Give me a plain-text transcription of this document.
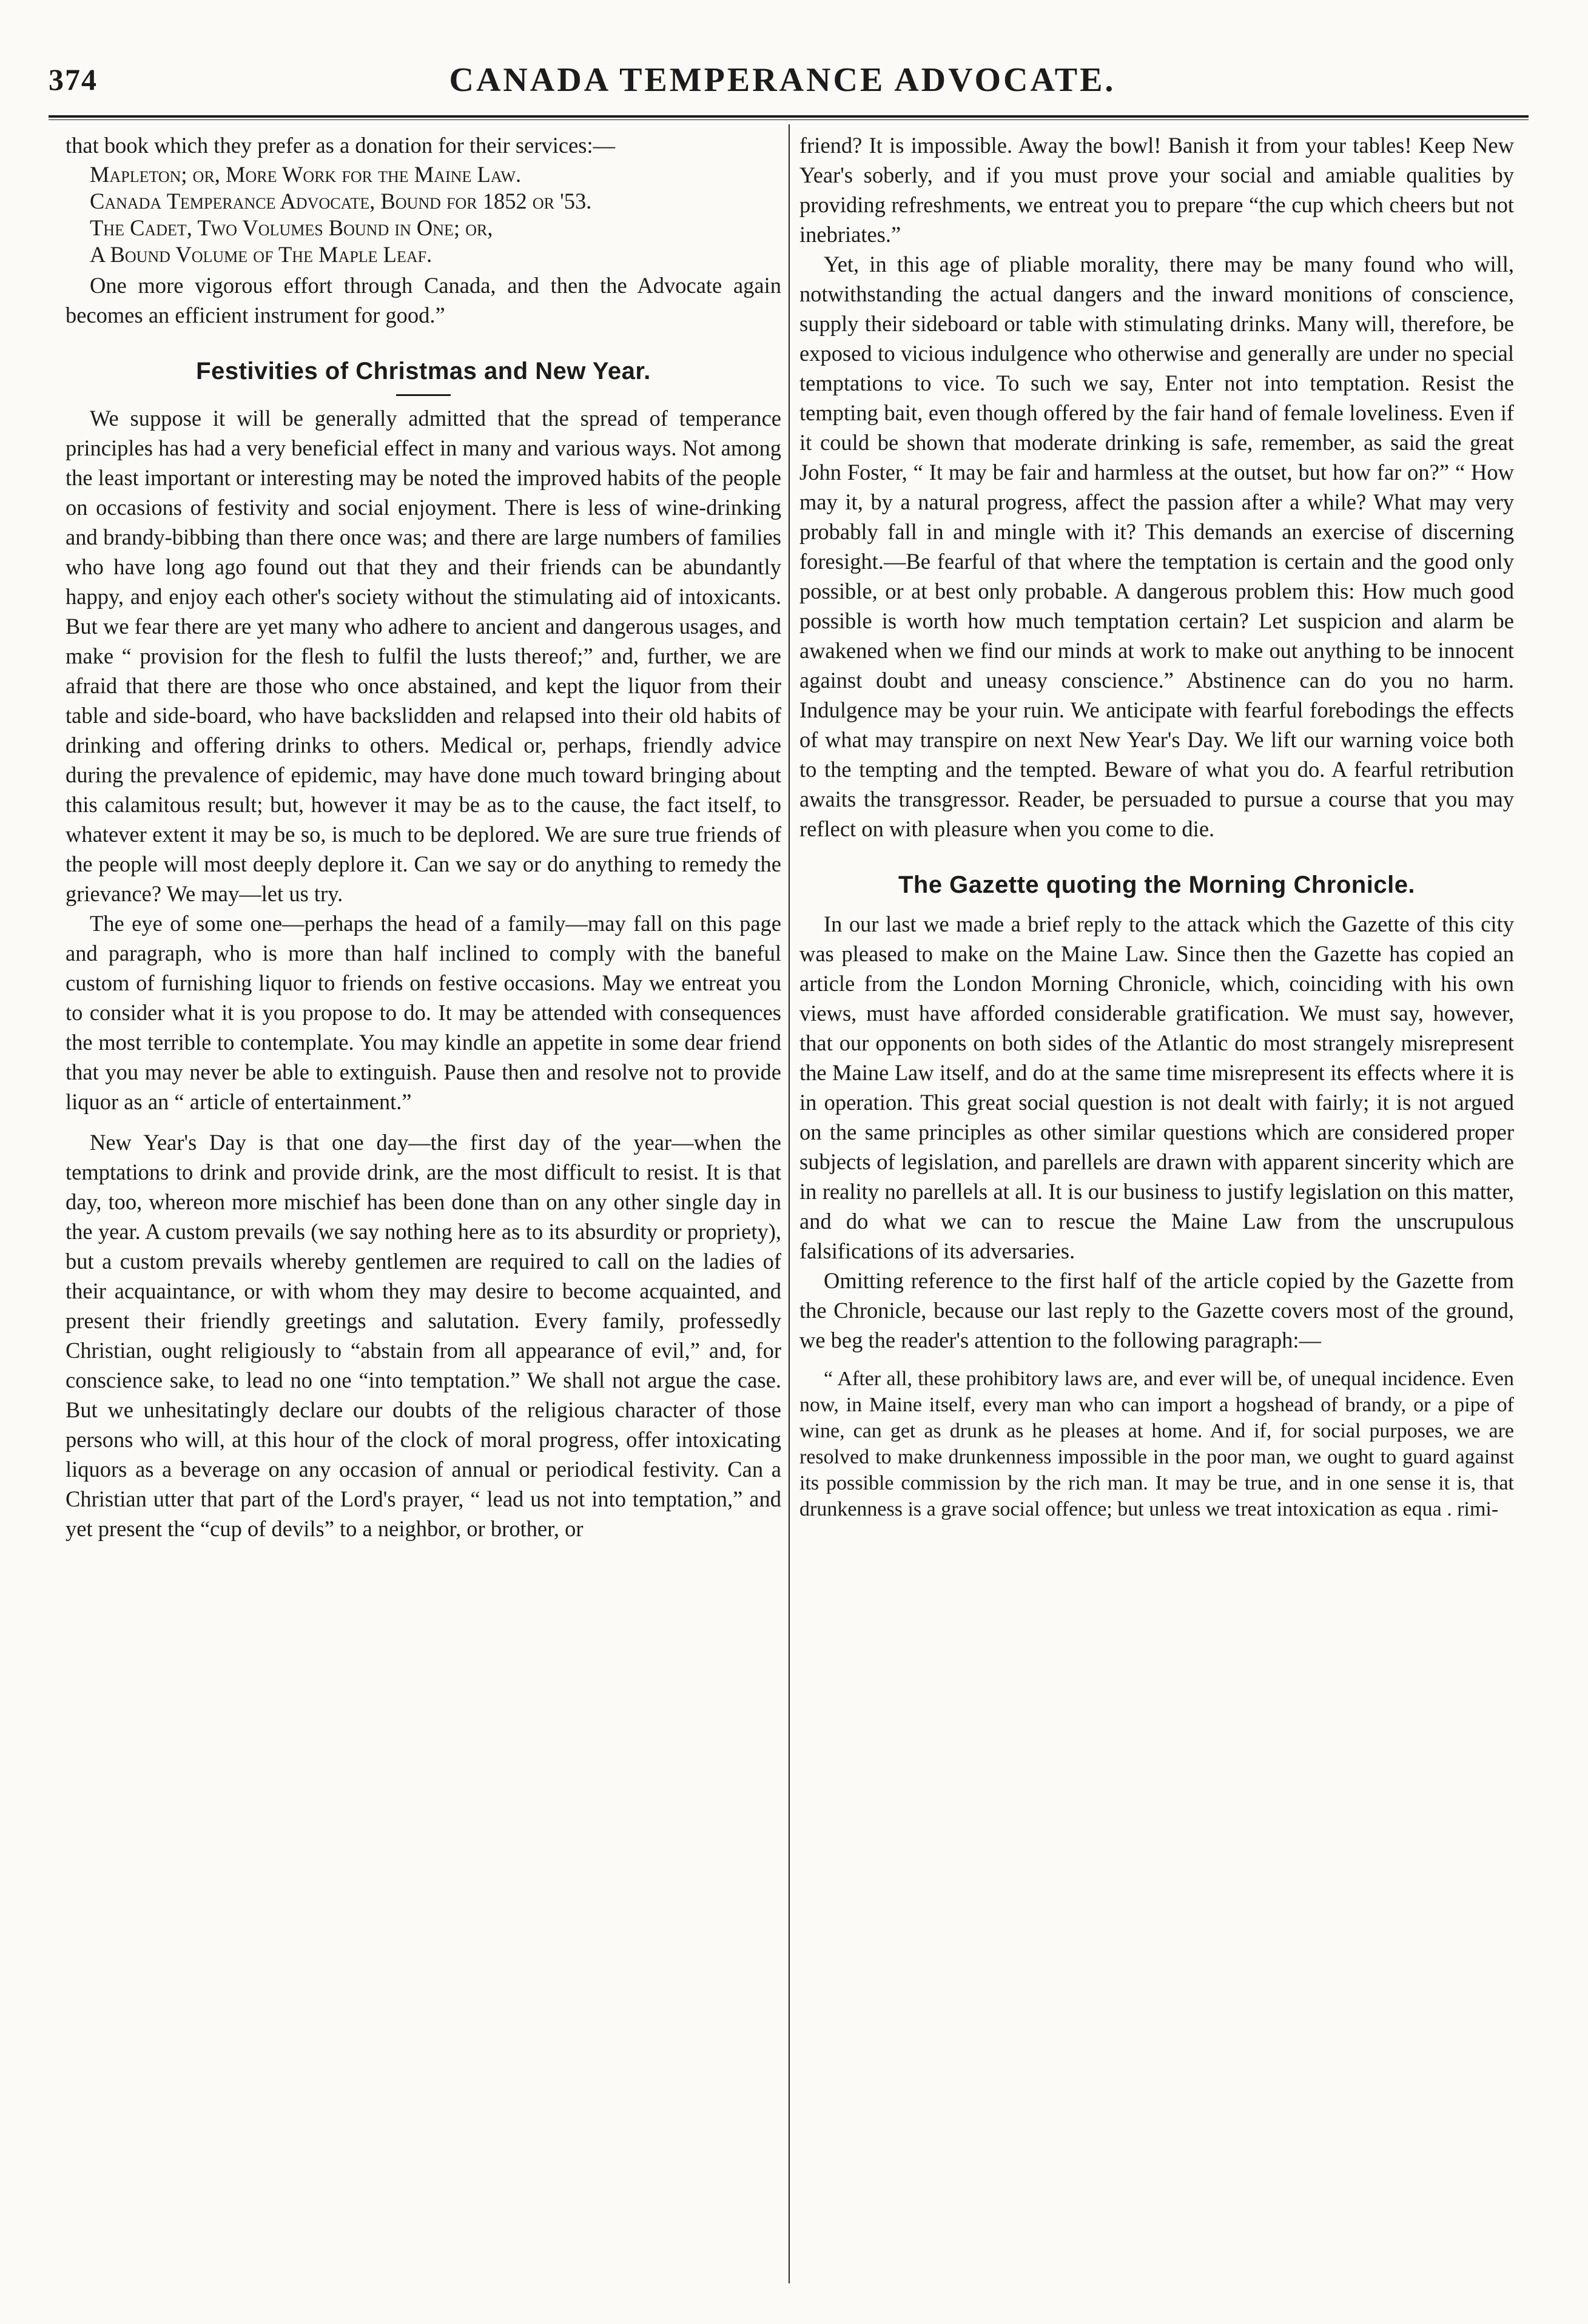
374	CANADA TEMPERANCE ADVOCATE.

that book which they prefer as a donation for their services:—

Mapleton; or, More Work for the Maine Law.

Canada Temperance Advocate, Bound for 1852 or '53.

The Cadet, Two Volumes Bound in One; or,

A Bound Volume of The Maple Leaf.

One more vigorous effort through Canada, and then the Advocate again becomes an efficient instrument for good.”

Festivities of Christmas and New Year.

We suppose it will be generally admitted that the spread of temperance principles has had a very beneficial effect in many and various ways. Not among the least important or interesting may be noted the improved habits of the people on occasions of festivity and social enjoyment. There is less of wine-drinking and brandy-bibbing than there once was; and there are large numbers of families who have long ago found out that they and their friends can be abundantly happy, and enjoy each other's society without the stimulating aid of intoxicants. But we fear there are yet many who adhere to ancient and dangerous usages, and make “ provision for the flesh to fulfil the lusts thereof;” and, further, we are afraid that there are those who once abstained, and kept the liquor from their table and side-board, who have backslidden and relapsed into their old habits of drinking and offering drinks to others. Medical or, perhaps, friendly advice during the prevalence of epidemic, may have done much toward bringing about this calamitous result; but, however it may be as to the cause, the fact itself, to whatever extent it may be so, is much to be deplored. We are sure true friends of the people will most deeply deplore it. Can we say or do anything to remedy the grievance? We may—let us try.

The eye of some one—perhaps the head of a family—may fall on this page and paragraph, who is more than half inclined to comply with the baneful custom of furnishing liquor to friends on festive occasions. May we entreat you to consider what it is you propose to do. It may be attended with consequences the most terrible to contemplate. You may kindle an appetite in some dear friend that you may never be able to extinguish. Pause then and resolve not to provide liquor as an “ article of entertainment.”

New Year's Day is that one day—the first day of the year—when the temptations to drink and provide drink, are the most difficult to resist. It is that day, too, whereon more mischief has been done than on any other single day in the year. A custom prevails (we say nothing here as to its absurdity or propriety), but a custom prevails whereby gentlemen are required to call on the ladies of their acquaintance, or with whom they may desire to become acquainted, and present their friendly greetings and salutation. Every family, professedly Christian, ought religiously to “abstain from all appearance of evil,” and, for conscience sake, to lead no one “into temptation.” We shall not argue the case. But we unhesitatingly declare our doubts of the religious character of those persons who will, at this hour of the clock of moral progress, offer intoxicating liquors as a beverage on any occasion of annual or periodical festivity. Can a Christian utter that part of the Lord's prayer, “ lead us not into temptation,” and yet present the “cup of devils” to a neighbor, or brother, or

friend? It is impossible. Away the bowl! Banish it from your tables! Keep New Year's soberly, and if you must prove your social and amiable qualities by providing refreshments, we entreat you to prepare “the cup which cheers but not inebriates.”

Yet, in this age of pliable morality, there may be many found who will, notwithstanding the actual dangers and the inward monitions of conscience, supply their sideboard or table with stimulating drinks. Many will, therefore, be exposed to vicious indulgence who otherwise and generally are under no special temptations to vice. To such we say, Enter not into temptation. Resist the tempting bait, even though offered by the fair hand of female loveliness. Even if it could be shown that moderate drinking is safe, remember, as said the great John Foster, “ It may be fair and harmless at the outset, but how far on?” “ How may it, by a natural progress, affect the passion after a while? What may very probably fall in and mingle with it? This demands an exercise of discerning foresight.—Be fearful of that where the temptation is certain and the good only possible, or at best only probable. A dangerous problem this: How much good possible is worth how much temptation certain? Let suspicion and alarm be awakened when we find our minds at work to make out anything to be innocent against doubt and uneasy conscience.” Abstinence can do you no harm. Indulgence may be your ruin. We anticipate with fearful forebodings the effects of what may transpire on next New Year's Day. We lift our warning voice both to the tempting and the tempted. Beware of what you do. A fearful retribution awaits the transgressor. Reader, be persuaded to pursue a course that you may reflect on with pleasure when you come to die.

The Gazette quoting the Morning Chronicle.

In our last we made a brief reply to the attack which the Gazette of this city was pleased to make on the Maine Law. Since then the Gazette has copied an article from the London Morning Chronicle, which, coinciding with his own views, must have afforded considerable gratification. We must say, however, that our opponents on both sides of the Atlantic do most strangely misrepresent the Maine Law itself, and do at the same time misrepresent its effects where it is in operation. This great social question is not dealt with fairly; it is not argued on the same principles as other similar questions which are considered proper subjects of legislation, and parellels are drawn with apparent sincerity which are in reality no parellels at all. It is our business to justify legislation on this matter, and do what we can to rescue the Maine Law from the unscrupulous falsifications of its adversaries.

Omitting reference to the first half of the article copied by the Gazette from the Chronicle, because our last reply to the Gazette covers most of the ground, we beg the reader's attention to the following paragraph:—

“ After all, these prohibitory laws are, and ever will be, of unequal incidence. Even now, in Maine itself, every man who can import a hogshead of brandy, or a pipe of wine, can get as drunk as he pleases at home. And if, for social purposes, we are resolved to make drunkenness impossible in the poor man, we ought to guard against its possible commission by the rich man. It may be true, and in one sense it is, that drunkenness is a grave social offence; but unless we treat intoxication as equa . rimi-
